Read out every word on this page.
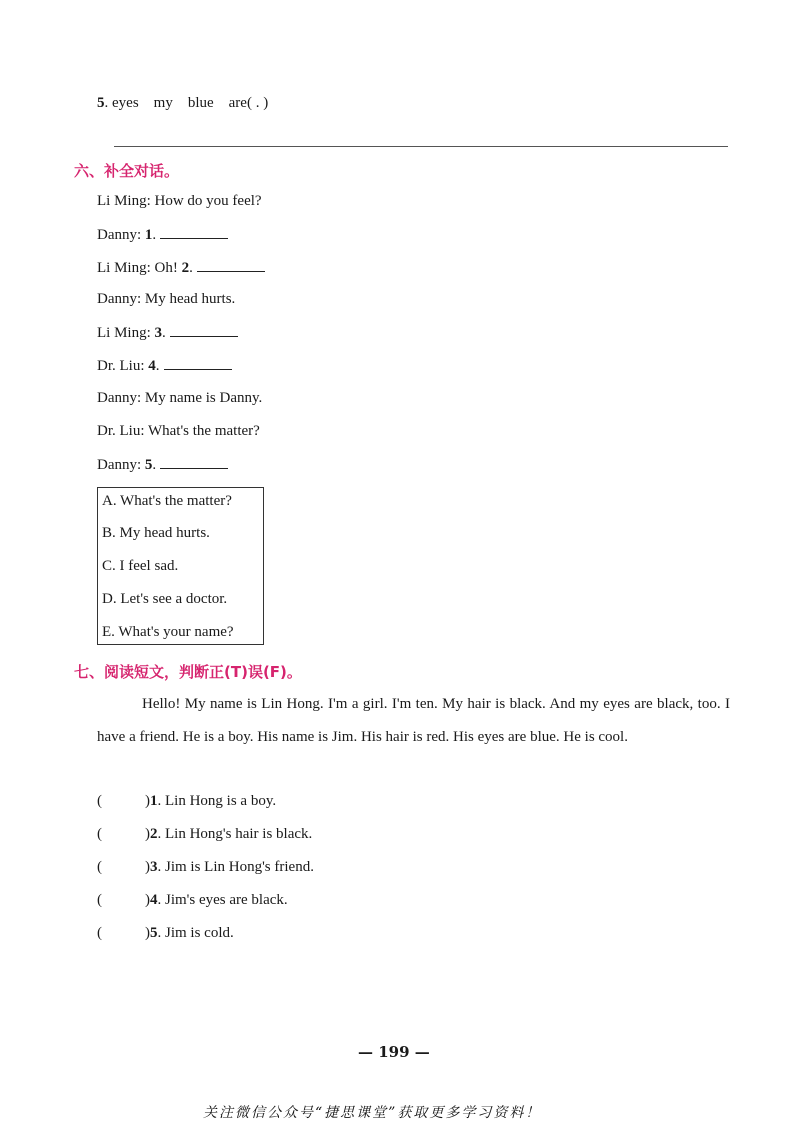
5. eyes    my    blue    are( . )
六、补全对话。
Li Ming: How do you feel?
Danny: 1.
Li Ming: Oh! 2.
Danny: My head hurts.
Li Ming: 3.
Dr. Liu: 4.
Danny: My name is Danny.
Dr. Liu: What's the matter?
Danny: 5.
A. What's the matter?
B. My head hurts.
C. I feel sad.
D. Let's see a doctor.
E. What's your name?
七、阅读短文，判断正(T)误(F)。
Hello! My name is Lin Hong. I'm a girl. I'm ten. My hair is black. And my eyes are black, too. I have a friend. He is a boy. His name is Jim. His hair is red. His eyes are blue. He is cool.
(	)1. Lin Hong is a boy.
(	)2. Lin Hong's hair is black.
(	)3. Jim is Lin Hong's friend.
(	)4. Jim's eyes are black.
(	)5. Jim is cold.
— 199 —
关注微信公众号“捷思课堂”获取更多学习资料！
